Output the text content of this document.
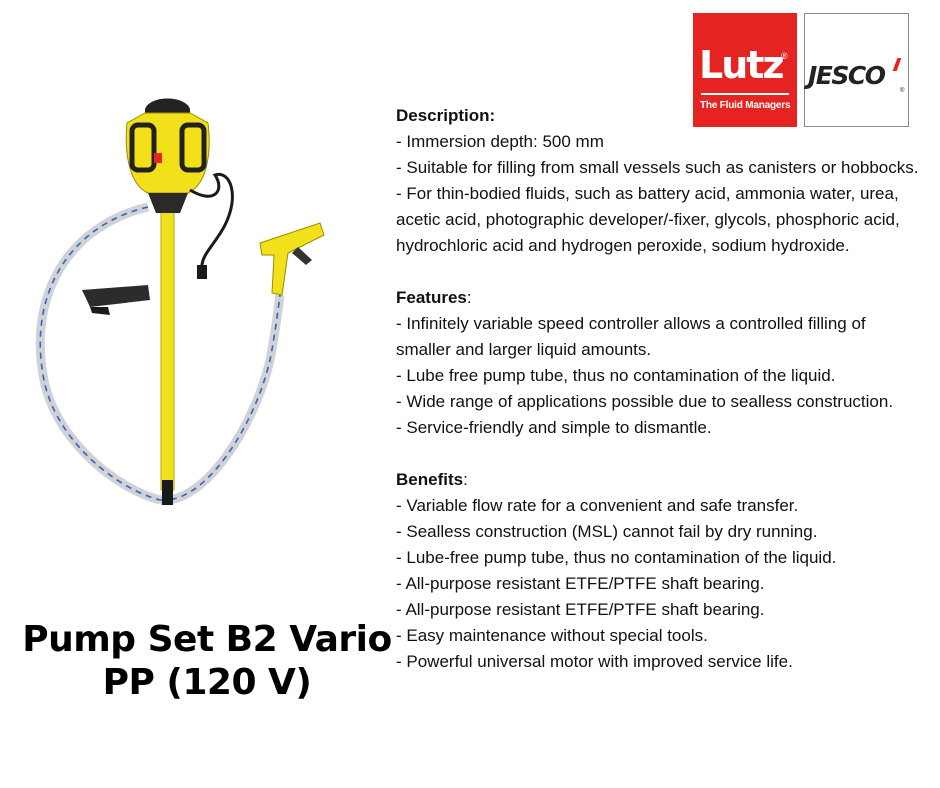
Lutz
®
The Fluid Managers
JESCO
®
Pump Set B2 Vario
PP (120 V)

Description:

- Immersion depth: 500 mm

- Suitable for filling from small vessels such as canisters or hobbocks.

- For thin-bodied fluids, such as battery acid, ammonia water, urea, acetic acid, photographic developer/-fixer, glycols, phosphoric acid, hydrochloric acid and hydrogen peroxide, sodium hydroxide.

Features:

- Infinitely variable speed controller allows a controlled filling of smaller and larger liquid amounts.

- Lube free pump tube, thus no contamination of the liquid.

- Wide range of applications possible due to sealless construction.

- Service-friendly and simple to dismantle.

Benefits:

- Variable flow rate for a convenient and safe transfer.

- Sealless construction (MSL) cannot fail by dry running.

- Lube-free pump tube, thus no contamination of the liquid.

- All-purpose resistant ETFE/PTFE shaft bearing.

- All-purpose resistant ETFE/PTFE shaft bearing.

- Easy maintenance without special tools.

- Powerful universal motor with improved service life.
